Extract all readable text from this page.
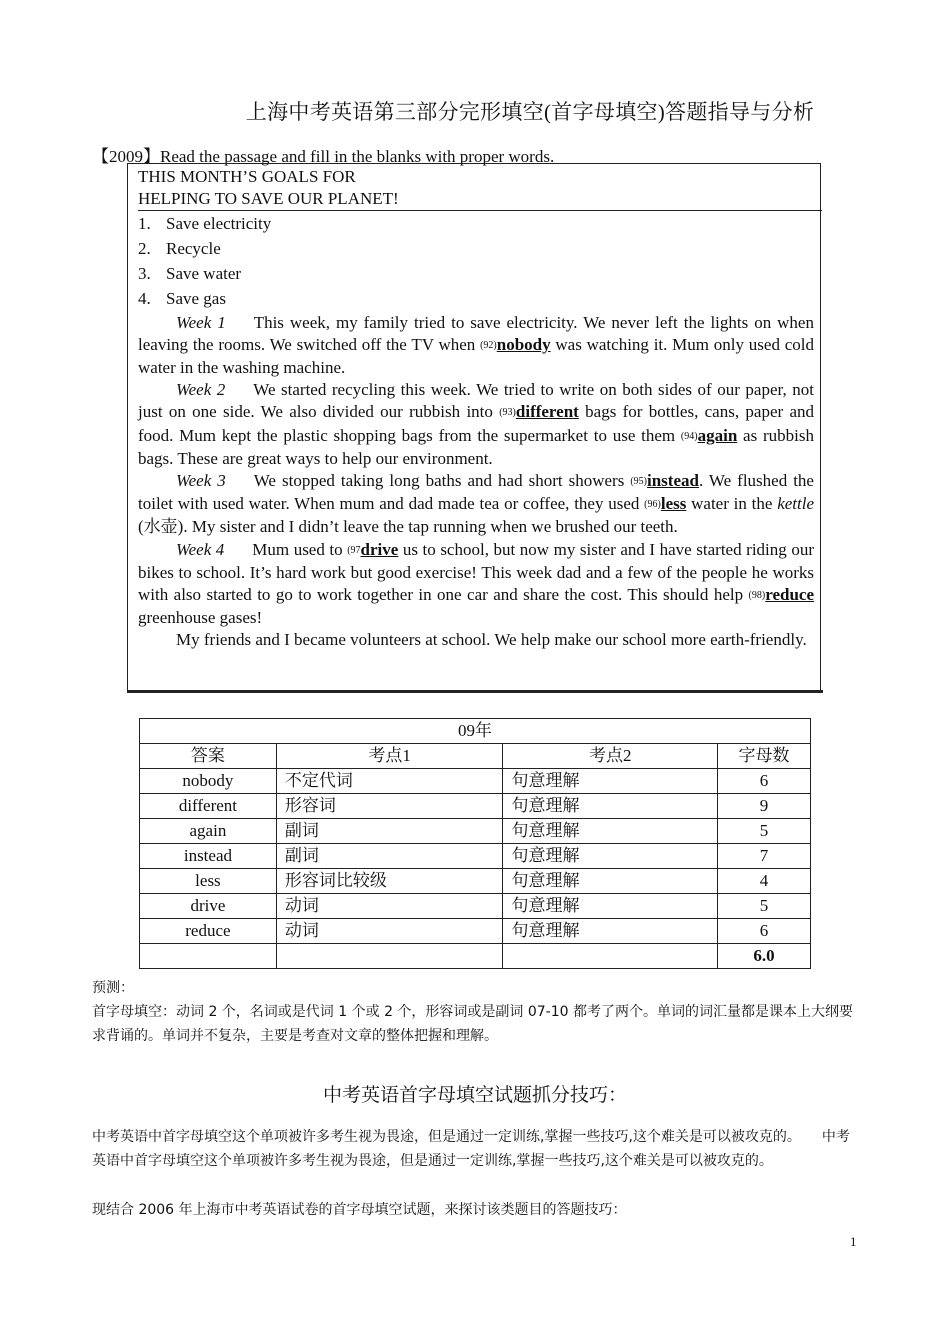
上海中考英语第三部分完形填空(首字母填空)答题指导与分析
【2009】Read the passage and fill in the blanks with proper words.
THIS MONTH’S GOALS FOR
HELPING TO SAVE OUR PLANET!
1. Save electricity
2. Recycle
3. Save water
4. Save gas

Week 1 This week, my family tried to save electricity. We never left the lights on when leaving the rooms. We switched off the TV when $^{(92)}$nobody was watching it. Mum only used cold water in the washing machine.

Week 2 We started recycling this week. We tried to write on both sides of our paper, not just on one side. We also divided our rubbish into $^{(93)}$different bags for bottles, cans, paper and food. Mum kept the plastic shopping bags from the supermarket to use them $^{(94)}$again as rubbish bags. These are great ways to help our environment.

Week 3 We stopped taking long baths and had short showers $^{(95)}$instead. We flushed the toilet with used water. When mum and dad made tea or coffee, they used $^{(96)}$less water in the kettle (水壶). My sister and I didn’t leave the tap running when we brushed our teeth.

Week 4 Mum used to $^{(97}$drive us to school, but now my sister and I have started riding our bikes to school. It’s hard work but good exercise! This week dad and a few of the people he works with also started to go to work together in one car and share the cost. This should help $^{(98)}$reduce greenhouse gases!

My friends and I became volunteers at school. We help make our school more earth-friendly.

09年			
答案	考点1	考点2	字母数
nobody	不定代词	句意理解	6
different	形容词	句意理解	9
again	副词	句意理解	5
instead	副词	句意理解	7
less	形容词比较级	句意理解	4
drive	动词	句意理解	5
reduce	动词	句意理解	6
			6.0
预测：
首字母填空：动词 2 个，名词或是代词 1 个或 2 个，形容词或是副词 07-10 都考了两个。单词的词汇量都是课本上大纲要求背诵的。单词并不复杂，主要是考查对文章的整体把握和理解。
中考英语首字母填空试题抓分技巧：
中考英语中首字母填空这个单项被许多考生视为畏途，但是通过一定训练,掌握一些技巧,这个难关是可以被攻克的。　　中考英语中首字母填空这个单项被许多考生视为畏途，但是通过一定训练,掌握一些技巧,这个难关是可以被攻克的。
现结合 2006 年上海市中考英语试卷的首字母填空试题，来探讨该类题目的答题技巧：
1
